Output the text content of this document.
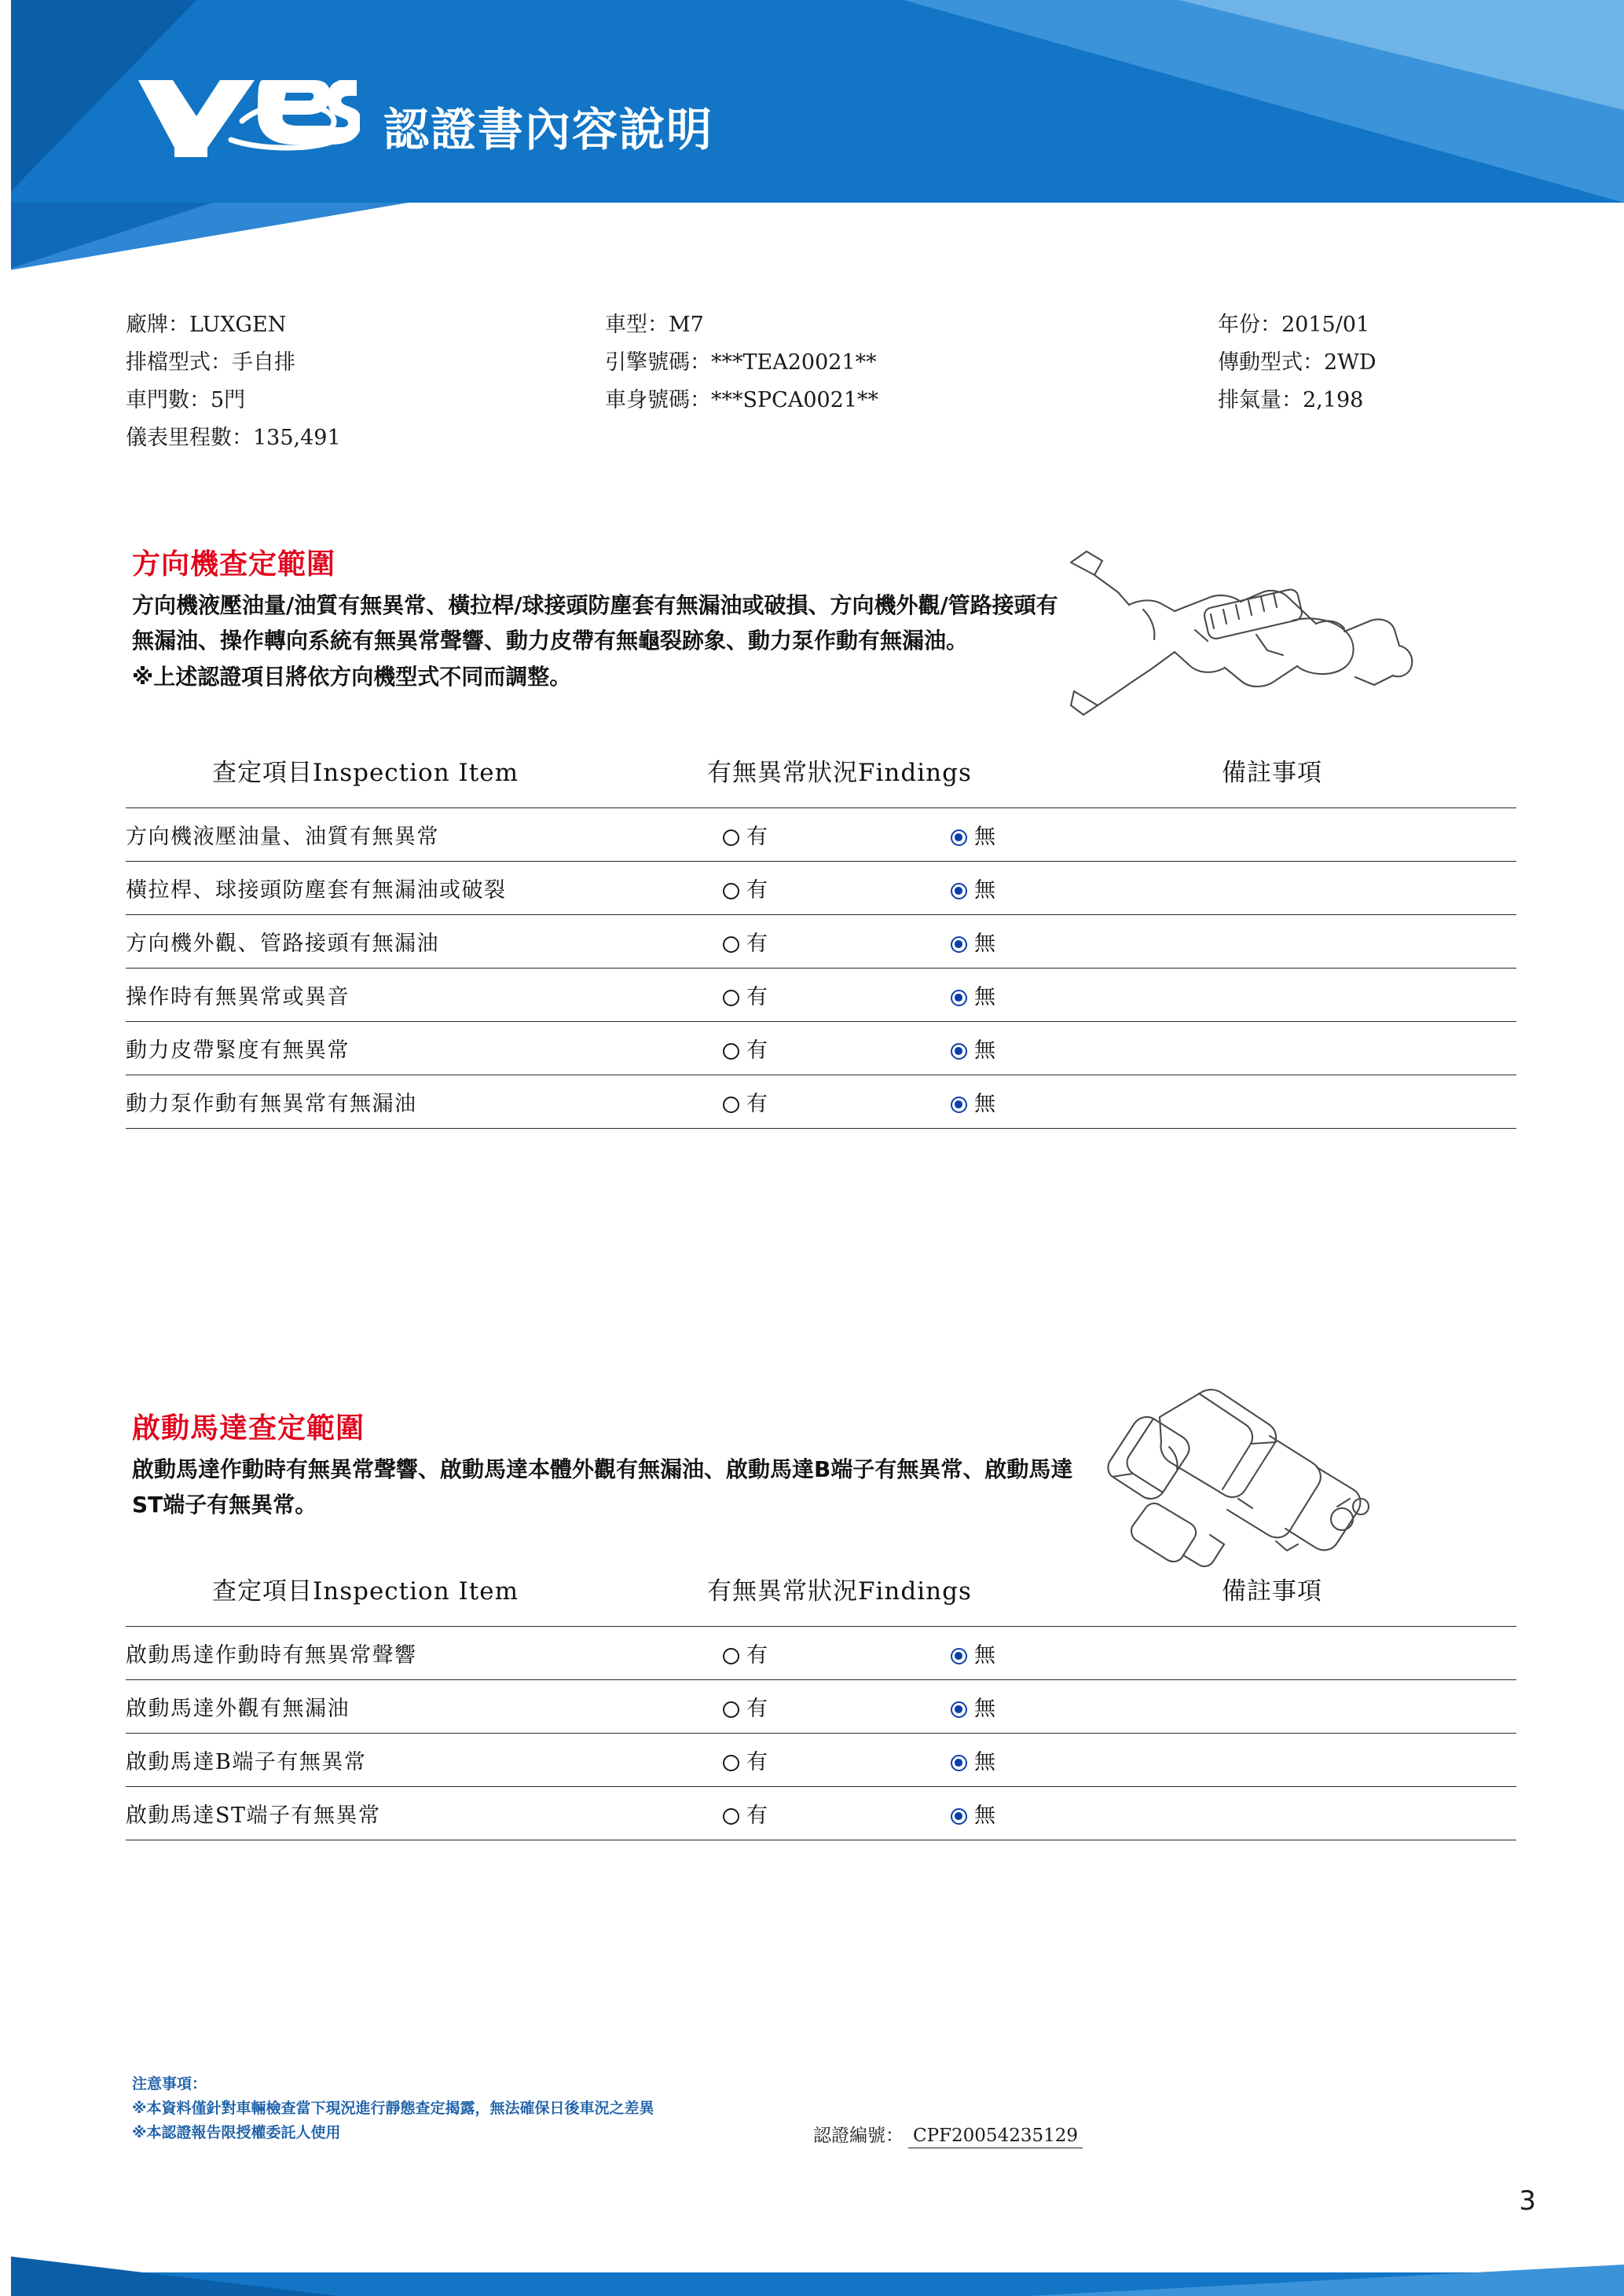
認證書內容說明
廠牌：LUXGEN
排檔型式：手自排
車門數：5門
儀表里程數：135,491
車型：M7
引擎號碼：***TEA20021**
車身號碼：***SPCA0021**
年份：2015/01
傳動型式：2WD
排氣量：2,198
方向機查定範圍
方向機液壓油量/油質有無異常、橫拉桿/球接頭防塵套有無漏油或破損、方向機外觀/管路接頭有無漏油、操作轉向系統有無異常聲響、動力皮帶有無龜裂跡象、動力泵作動有無漏油。
※上述認證項目將依方向機型式不同而調整。
查定項目Inspection Item	有無異常狀況Findings	備註事項
方向機液壓油量、油質有無異常	有	無	
橫拉桿、球接頭防塵套有無漏油或破裂	有	無	
方向機外觀、管路接頭有無漏油	有	無	
操作時有無異常或異音	有	無	
動力皮帶緊度有無異常	有	無	
動力泵作動有無異常有無漏油	有	無	
啟動馬達查定範圍
啟動馬達作動時有無異常聲響、啟動馬達本體外觀有無漏油、啟動馬達B端子有無異常、啟動馬達ST端子有無異常。
查定項目Inspection Item	有無異常狀況Findings	備註事項
啟動馬達作動時有無異常聲響	有	無	
啟動馬達外觀有無漏油	有	無	
啟動馬達B端子有無異常	有	無	
啟動馬達ST端子有無異常	有	無	
注意事項：
※本資料僅針對車輛檢查當下現況進行靜態查定揭露，無法確保日後車況之差異
※本認證報告限授權委託人使用	認證編號： CPF20054235129
3
